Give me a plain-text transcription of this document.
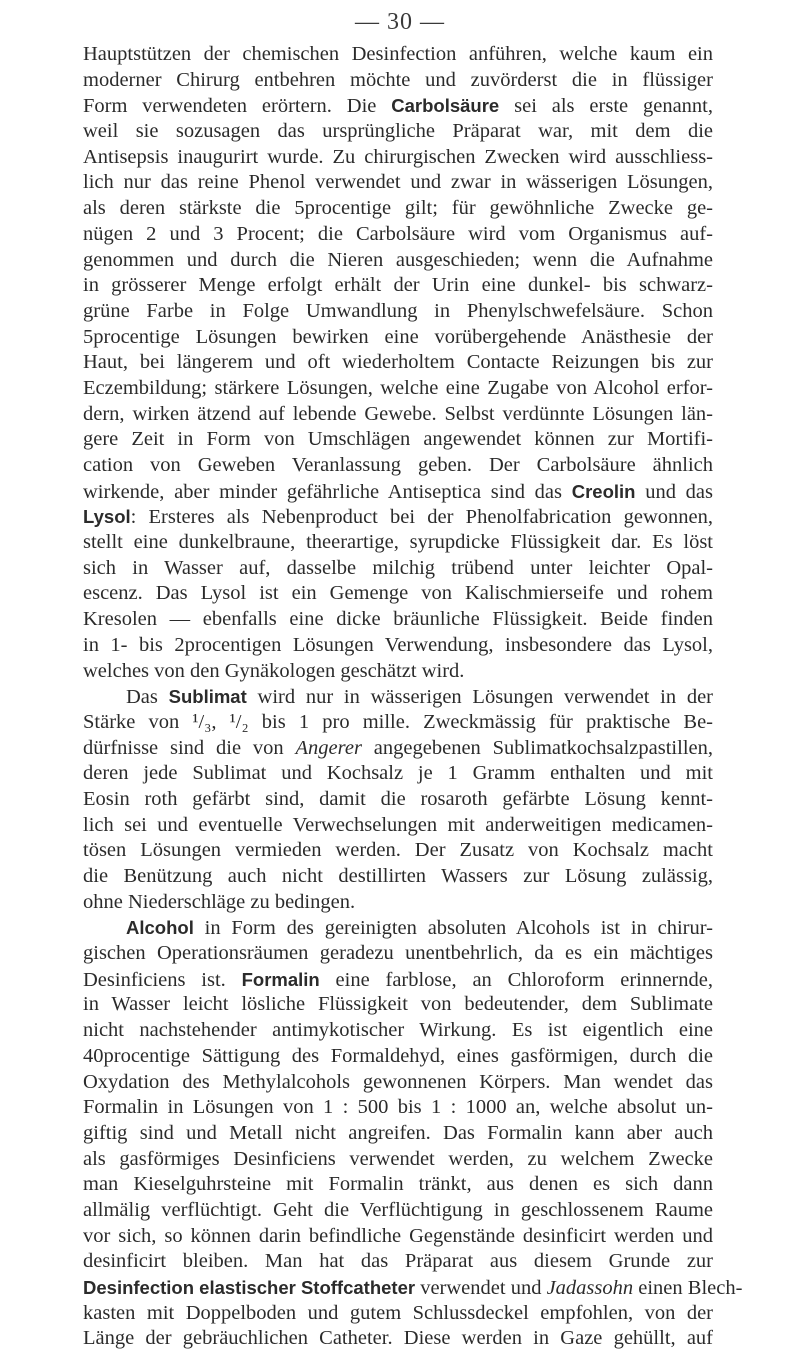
— 30 —
Hauptstützen der chemischen Desinfection anführen, welche kaum ein
moderner Chirurg entbehren möchte und zuvörderst die in flüssiger
Form verwendeten erörtern. Die Carbolsäure sei als erste genannt,
weil sie sozusagen das ursprüngliche Präparat war, mit dem die
Antisepsis inaugurirt wurde. Zu chirurgischen Zwecken wird ausschliess-
lich nur das reine Phenol verwendet und zwar in wässerigen Lösungen,
als deren stärkste die 5procentige gilt; für gewöhnliche Zwecke ge-
nügen 2 und 3 Procent; die Carbolsäure wird vom Organismus auf-
genommen und durch die Nieren ausgeschieden; wenn die Aufnahme
in grösserer Menge erfolgt erhält der Urin eine dunkel- bis schwarz-
grüne Farbe in Folge Umwandlung in Phenylschwefelsäure. Schon
5procentige Lösungen bewirken eine vorübergehende Anästhesie der
Haut, bei längerem und oft wiederholtem Contacte Reizungen bis zur
Eczembildung; stärkere Lösungen, welche eine Zugabe von Alcohol erfor-
dern, wirken ätzend auf lebende Gewebe. Selbst verdünnte Lösungen län-
gere Zeit in Form von Umschlägen angewendet können zur Mortifi-
cation von Geweben Veranlassung geben. Der Carbolsäure ähnlich
wirkende, aber minder gefährliche Antiseptica sind das Creolin und das
Lysol: Ersteres als Nebenproduct bei der Phenolfabrication gewonnen,
stellt eine dunkelbraune, theerartige, syrupdicke Flüssigkeit dar. Es löst
sich in Wasser auf, dasselbe milchig trübend unter leichter Opal-
escenz. Das Lysol ist ein Gemenge von Kalischmierseife und rohem
Kresolen — ebenfalls eine dicke bräunliche Flüssigkeit. Beide finden
in 1- bis 2procentigen Lösungen Verwendung, insbesondere das Lysol,
welches von den Gynäkologen geschätzt wird.
Das Sublimat wird nur in wässerigen Lösungen verwendet in der
Stärke von ¹/₃, ¹/₂ bis 1 pro mille. Zweckmässig für praktische Be-
dürfnisse sind die von Angerer angegebenen Sublimatkochsalzpastillen,
deren jede Sublimat und Kochsalz je 1 Gramm enthalten und mit
Eosin roth gefärbt sind, damit die rosaroth gefärbte Lösung kennt-
lich sei und eventuelle Verwechselungen mit anderweitigen medicamen-
tösen Lösungen vermieden werden. Der Zusatz von Kochsalz macht
die Benützung auch nicht destillirten Wassers zur Lösung zulässig,
ohne Niederschläge zu bedingen.
Alcohol in Form des gereinigten absoluten Alcohols ist in chirur-
gischen Operationsräumen geradezu unentbehrlich, da es ein mächtiges
Desinficiens ist. Formalin eine farblose, an Chloroform erinnernde,
in Wasser leicht lösliche Flüssigkeit von bedeutender, dem Sublimate
nicht nachstehender antimykotischer Wirkung. Es ist eigentlich eine
40procentige Sättigung des Formaldehyd, eines gasförmigen, durch die
Oxydation des Methylalcohols gewonnenen Körpers. Man wendet das
Formalin in Lösungen von 1 : 500 bis 1 : 1000 an, welche absolut un-
giftig sind und Metall nicht angreifen. Das Formalin kann aber auch
als gasförmiges Desinficiens verwendet werden, zu welchem Zwecke
man Kieselguhrsteine mit Formalin tränkt, aus denen es sich dann
allmälig verflüchtigt. Geht die Verflüchtigung in geschlossenem Raume
vor sich, so können darin befindliche Gegenstände desinficirt werden und
desinficirt bleiben. Man hat das Präparat aus diesem Grunde zur
Desinfection elastischer Stoffcatheter verwendet und Jadassohn einen Blech-
kasten mit Doppelboden und gutem Schlussdeckel empfohlen, von der
Länge der gebräuchlichen Catheter. Diese werden in Gaze gehüllt, auf
